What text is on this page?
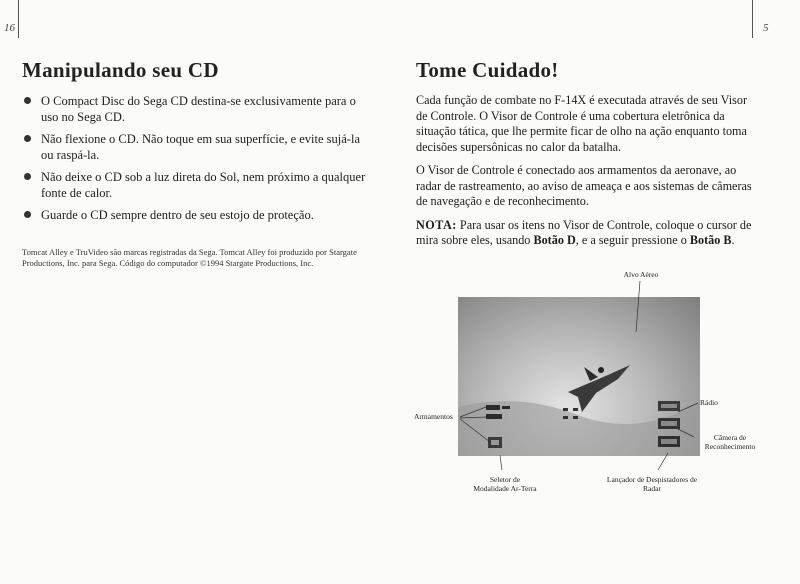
16	5
Manipulando seu CD
O Compact Disc do Sega CD destina-se exclusivamente para o uso no Sega CD.
Não flexione o CD. Não toque em sua superfície, e evite sujá-la ou raspá-la.
Não deixe o CD sob a luz direta do Sol, nem próximo a qualquer fonte de calor.
Guarde o CD sempre dentro de seu estojo de proteção.
Tomcat Alley e TruVideo são marcas registradas da Sega. Tomcat Alley foi produzido por Stargate Productions, Inc. para Sega. Código do computador ©1994 Stargate Productions, Inc.
Tome Cuidado!

Cada função de combate no F-14X é executada através de seu Visor de Controle. O Visor de Controle é uma cobertura eletrônica da situação tática, que lhe permite ficar de olho na ação enquanto toma decisões supersônicas no calor da batalha.

O Visor de Controle é conectado aos armamentos da aeronave, ao radar de rastreamento, ao aviso de ameaça e aos sistemas de câmeras de navegação e de reconhecimento.

NOTA: Para usar os itens no Visor de Controle, coloque o cursor de mira sobre eles, usando Botão D, e a seguir pressione o Botão B.

Alvo Aéreo
Armamentos
Rádio
Câmera de Reconhecimento
Seletor de Modalidade Ar-Terra
Lançador de Despistadores de Radar
